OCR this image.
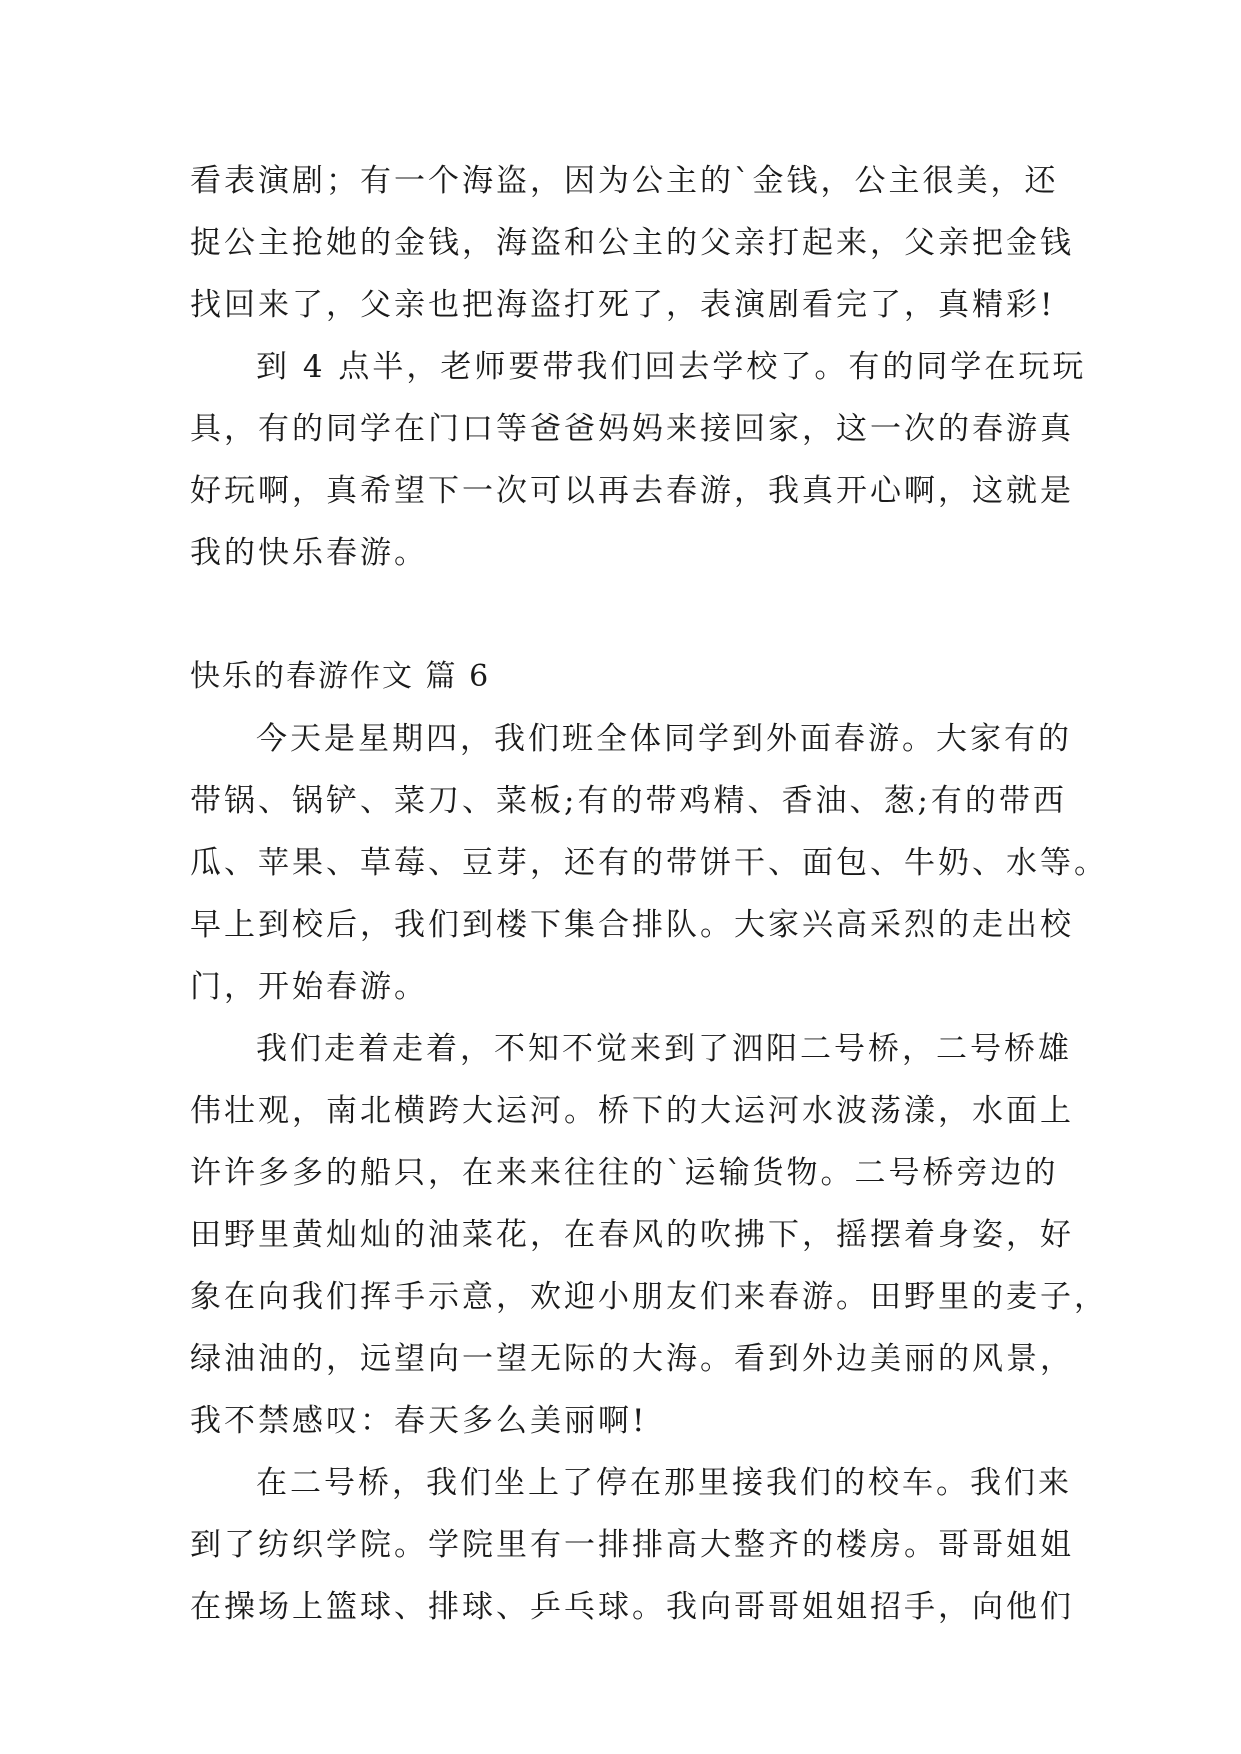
看表演剧；有一个海盗，因为公主的`金钱，公主很美，还
捉公主抢她的金钱，海盗和公主的父亲打起来，父亲把金钱
找回来了，父亲也把海盗打死了，表演剧看完了，真精彩!
到 4 点半，老师要带我们回去学校了。有的同学在玩玩
具，有的同学在门口等爸爸妈妈来接回家，这一次的春游真
好玩啊，真希望下一次可以再去春游，我真开心啊，这就是
我的快乐春游。
快乐的春游作文 篇 6
今天是星期四，我们班全体同学到外面春游。大家有的
带锅、锅铲、菜刀、菜板;有的带鸡精、香油、葱;有的带西
瓜、苹果、草莓、豆芽，还有的带饼干、面包、牛奶、水等。
早上到校后，我们到楼下集合排队。大家兴高采烈的走出校
门，开始春游。
我们走着走着，不知不觉来到了泗阳二号桥，二号桥雄
伟壮观，南北横跨大运河。桥下的大运河水波荡漾，水面上
许许多多的船只，在来来往往的`运输货物。二号桥旁边的
田野里黄灿灿的油菜花，在春风的吹拂下，摇摆着身姿，好
象在向我们挥手示意，欢迎小朋友们来春游。田野里的麦子，
绿油油的，远望向一望无际的大海。看到外边美丽的风景，
我不禁感叹：春天多么美丽啊!
在二号桥，我们坐上了停在那里接我们的校车。我们来
到了纺织学院。学院里有一排排高大整齐的楼房。哥哥姐姐
在操场上篮球、排球、乒乓球。我向哥哥姐姐招手，向他们
